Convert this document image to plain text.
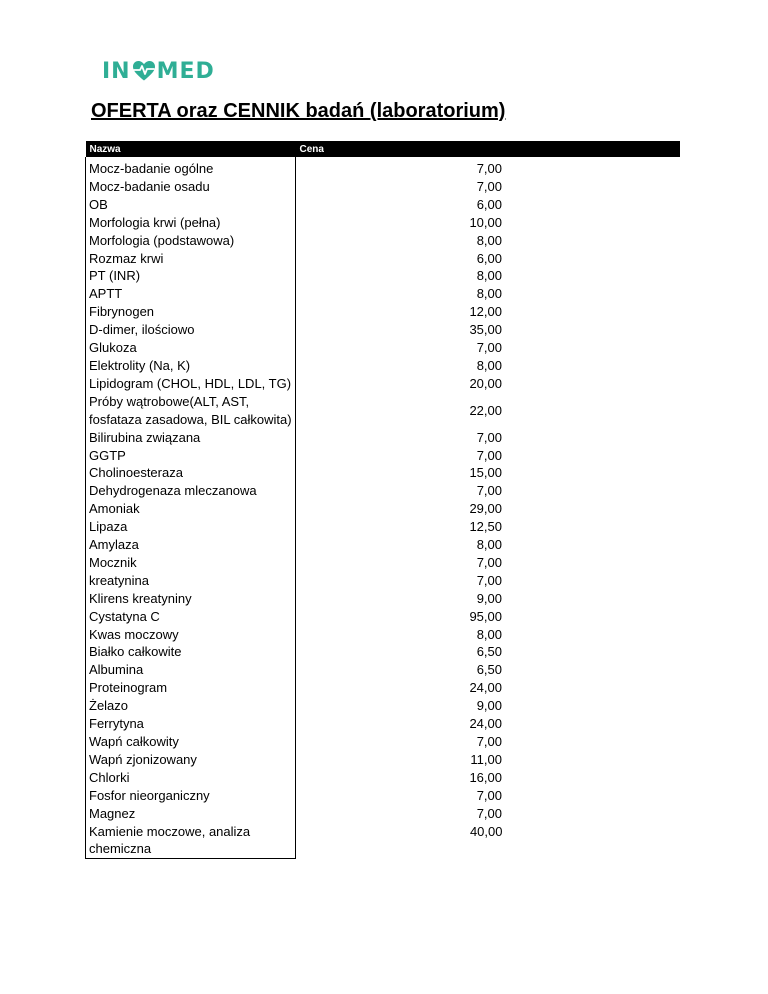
IN MED
OFERTA oraz CENNIK badań (laboratorium)
Nazwa	Cena
Mocz-badanie ogólne	7,00

Mocz-badanie osadu	7,00

OB	6,00

Morfologia krwi (pełna)	10,00

Morfologia (podstawowa)	8,00

Rozmaz krwi	6,00

PT (INR)	8,00

APTT	8,00

Fibrynogen	12,00

D-dimer, ilościowo	35,00

Glukoza	7,00

Elektrolity (Na, K)	8,00

Lipidogram (CHOL, HDL, LDL, TG)	20,00

Próby wątrobowe(ALT, AST, fosfataza zasadowa, BIL całkowita)	22,00

Bilirubina związana	7,00

GGTP	7,00

Cholinoesteraza	15,00

Dehydrogenaza mleczanowa	7,00

Amoniak	29,00

Lipaza	12,50

Amylaza	8,00

Mocznik	7,00

kreatynina	7,00

Klirens kreatyniny	9,00

Cystatyna C	95,00

Kwas moczowy	8,00

Białko całkowite	6,50

Albumina	6,50

Proteinogram	24,00

Żelazo	9,00

Ferrytyna	24,00

Wapń całkowity	7,00

Wapń zjonizowany	11,00

Chlorki	16,00

Fosfor nieorganiczny	7,00

Magnez	7,00

Kamienie moczowe, analiza chemiczna	40,00
